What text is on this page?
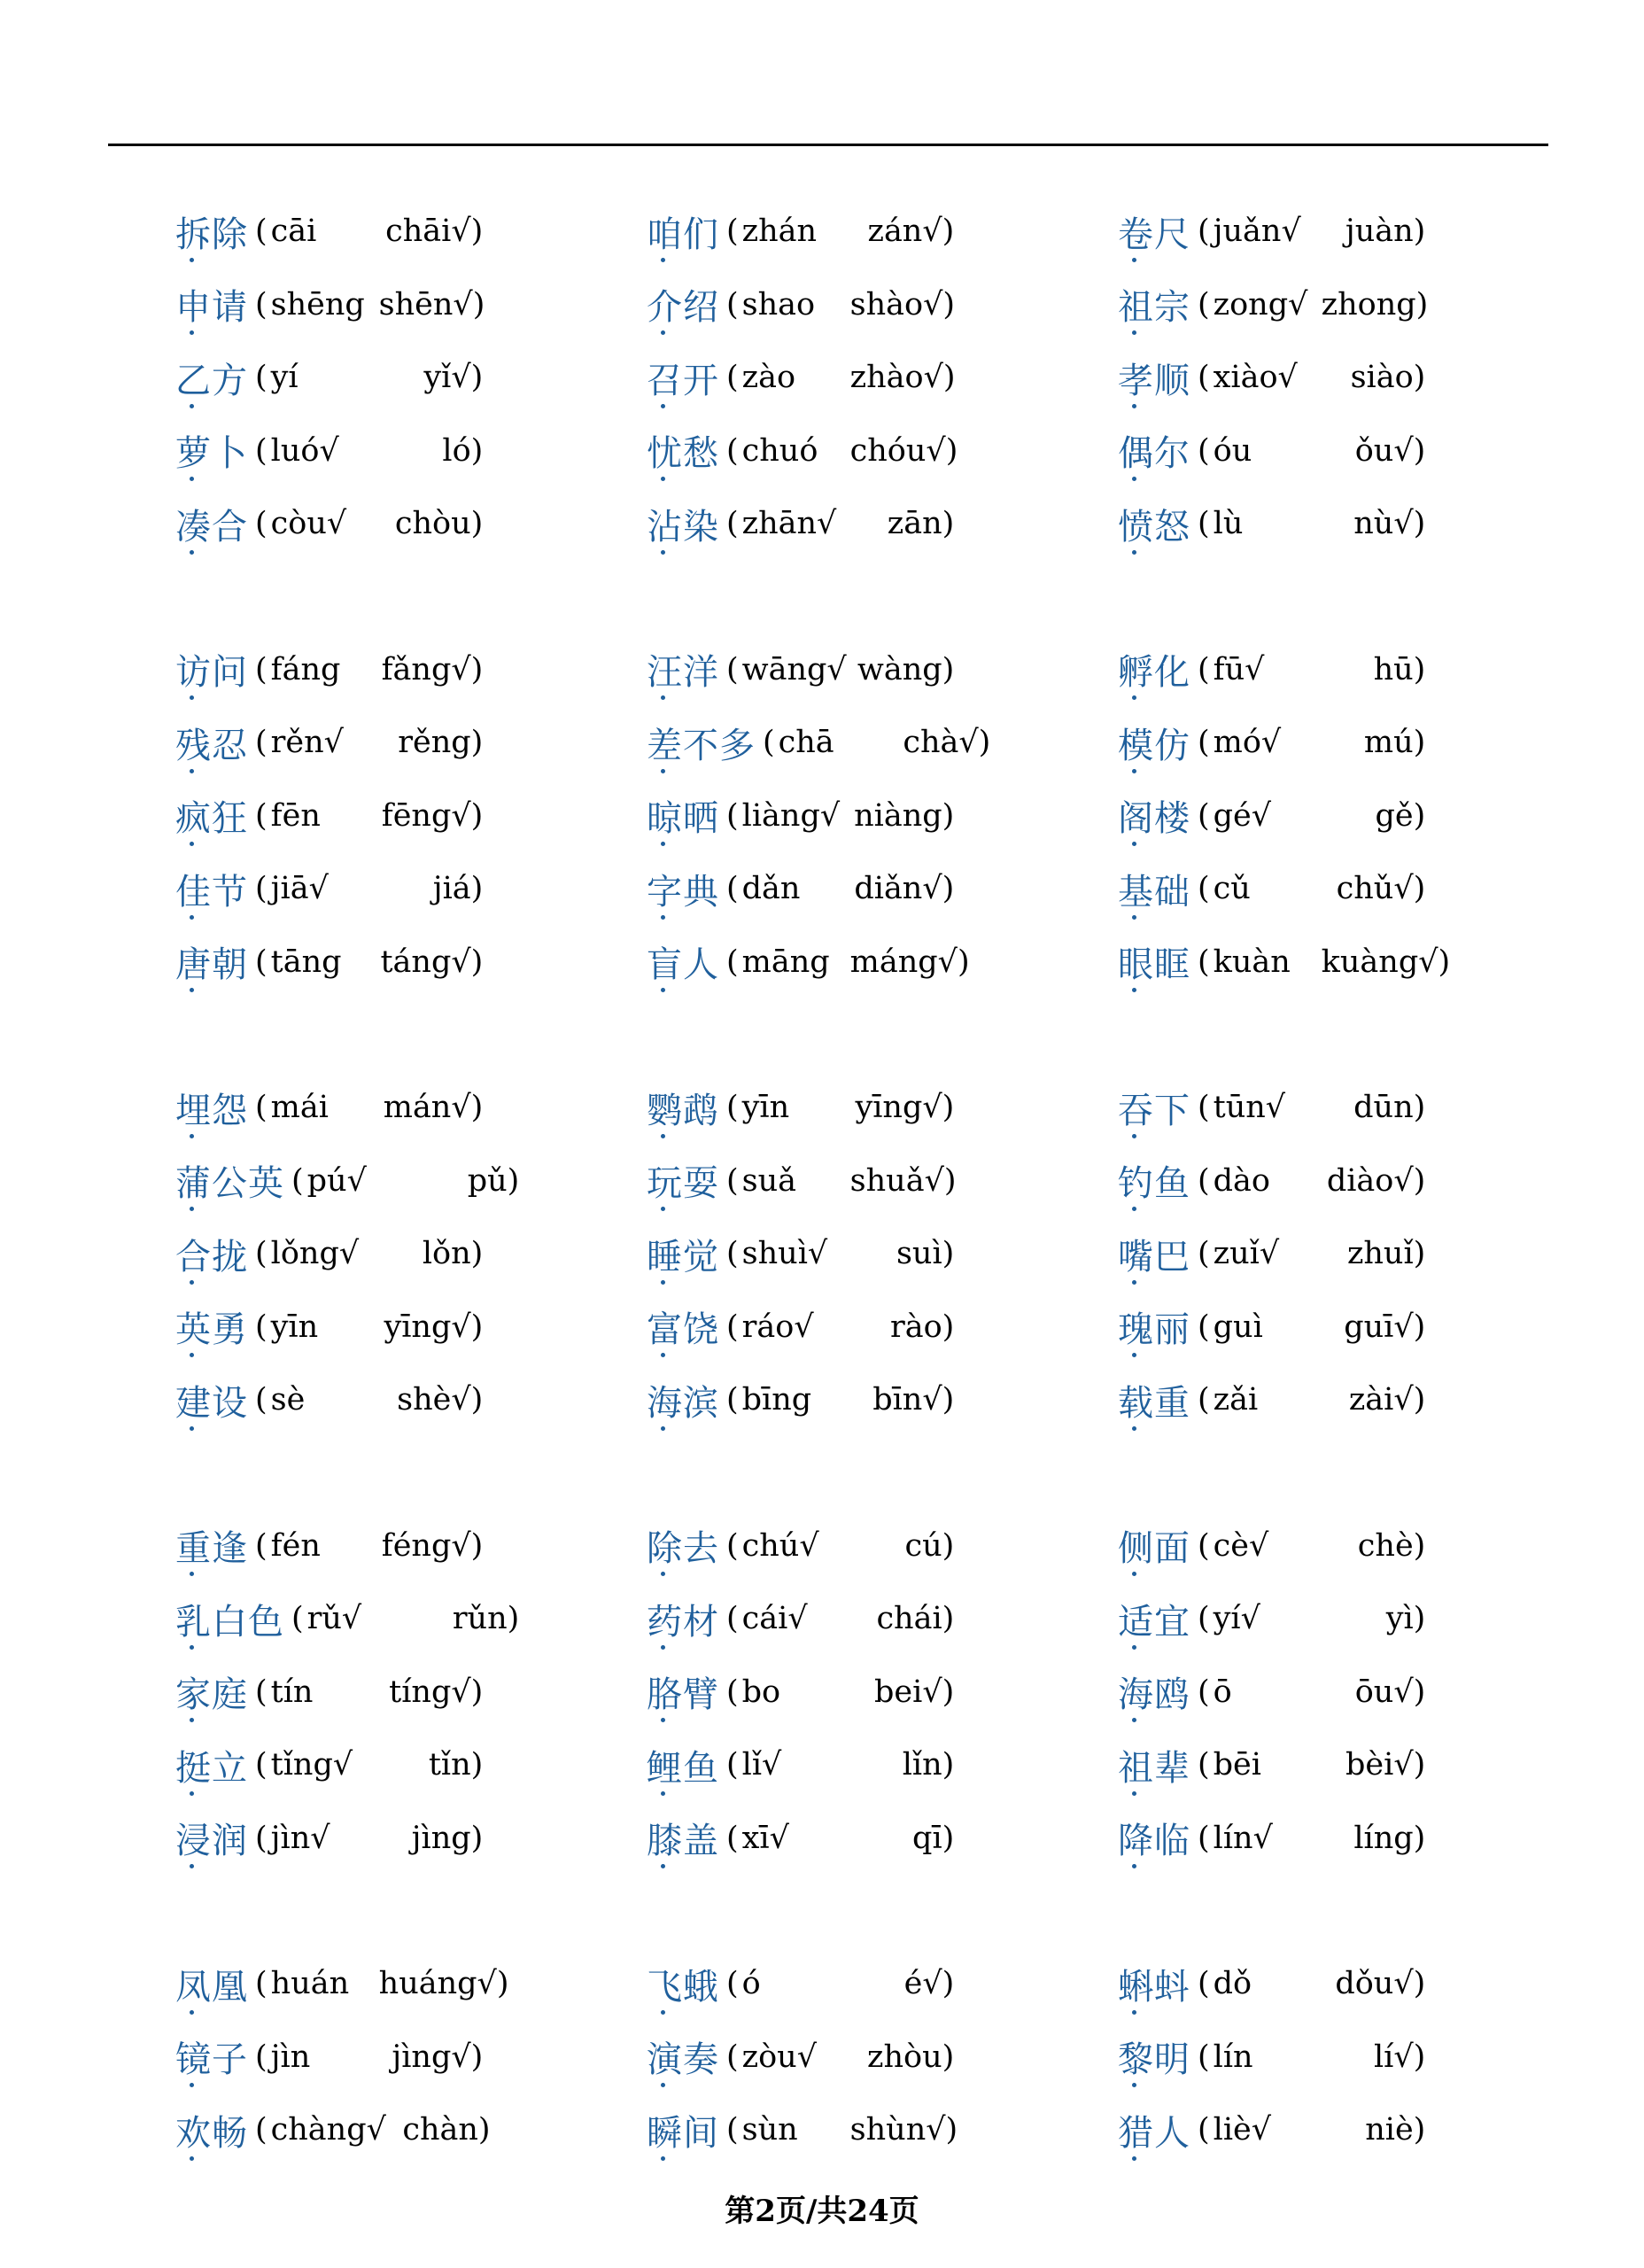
拆除 ( cāi	chāi√ )	咱们 ( zhán	zán√ )	卷尺 ( juǎn√	juàn )
申请 ( shēng shēn√ )	介绍 ( shao	shào√ )	祖宗 ( zong√ zhong )
乙方 ( yí	yǐ√ )	召开 ( zào	zhào√ )	孝顺 ( xiào√	siào )
萝卜 ( luó√	ló )	忧愁 ( chuó	chóu√ )	偶尔 ( óu	ǒu√ )
凑合 ( còu√	chòu )	沾染 ( zhān√	zān )	愤怒 ( lù	nù√ )
访问 ( fáng	fǎng√ )	汪洋 ( wāng√ wàng )	孵化 ( fū√	hū )
残忍 ( rěn√	rěng )	差不多 ( chā	chà√ )	模仿 ( mó√	mú )
疯狂 ( fēn	fēng√ )	晾晒 ( liàng√ niàng )	阁楼 ( gé√	gě )
佳节 ( jiā√	jiá )	字典 ( dǎn	diǎn√ )	基础 ( cǔ	chǔ√ )
唐朝 ( tāng	táng√ )	盲人 ( māng máng√ )	眼眶 ( kuàn kuàng√ )
埋怨 ( mái	mán√ )	鹦鹉 ( yīn	yīng√ )	吞下 ( tūn√	dūn )
蒲公英 ( pú√	pǔ )	玩耍 ( suǎ	shuǎ√ )	钓鱼 ( dào	diào√ )
合拢 ( lǒng√	lǒn )	睡觉 ( shuì√	suì )	嘴巴 ( zuǐ√	zhuǐ )
英勇 ( yīn	yīng√ )	富饶 ( ráo√	rào )	瑰丽 ( guì	guī√ )
建设 ( sè	shè√ )	海滨 ( bīng	bīn√ )	载重 ( zǎi	zài√ )
重逢 ( fén	féng√ )	除去 ( chú√	cú )	侧面 ( cè√	chè )
乳白色 ( rǔ√	rǔn )	药材 ( cái√	chái )	适宜 ( yí√	yì )
家庭 ( tín	tíng√ )	胳臂 ( bo	bei√ )	海鸥 ( ō	ōu√ )
挺立 ( tǐng√	tǐn )	鲤鱼 ( lǐ√	lǐn )	祖辈 ( bēi	bèi√ )
浸润 ( jìn√	jìng )	膝盖 ( xī√	qī )	降临 ( lín√	líng )
凤凰 ( huán huáng√ )	飞蛾 ( ó	é√ )	蝌蚪 ( dǒ	dǒu√ )
镜子 ( jìn	jìng√ )	演奏 ( zòu√	zhòu )	黎明 ( lín	lí√ )
欢畅 ( chàng√ chàn )	瞬间 ( sùn	shùn√ )	猎人 ( liè√	niè )
第2页/共24页
